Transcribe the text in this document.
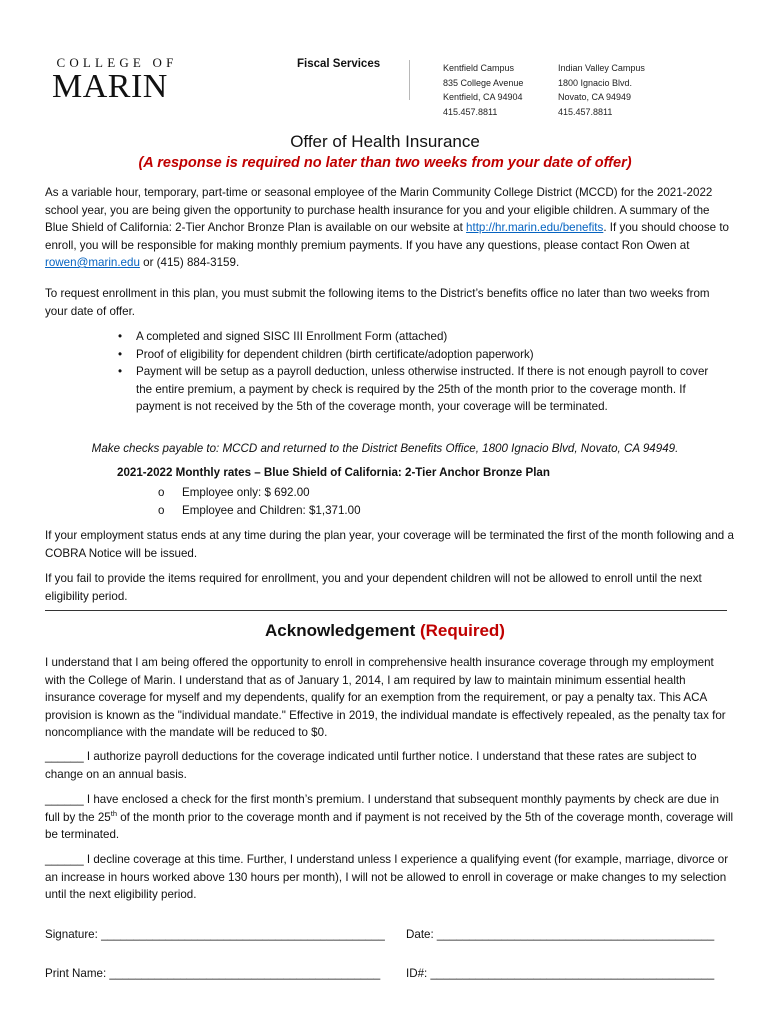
COLLEGE OF
MARIN
Fiscal Services	Kentfield Campus
835 College Avenue
Kentfield, CA 94904
415.457.8811
Indian Valley Campus
1800 Ignacio Blvd.
Novato, CA 94949
415.457.8811
Offer of Health Insurance
(A response is required no later than two weeks from your date of offer)

As a variable hour, temporary, part-time or seasonal employee of the Marin Community College District (MCCD) for the 2021-2022 school year, you are being given the opportunity to purchase health insurance for you and your eligible children. A summary of the Blue Shield of California: 2-Tier Anchor Bronze Plan is available on our website at http://hr.marin.edu/benefits. If you should choose to enroll, you will be responsible for making monthly premium payments. If you have any questions, please contact Ron Owen at rowen@marin.edu or (415) 884-3159.

To request enrollment in this plan, you must submit the following items to the District’s benefits office no later than two weeks from your date of offer.

• A completed and signed SISC III Enrollment Form (attached)
• Proof of eligibility for dependent children (birth certificate/adoption paperwork)
• Payment will be setup as a payroll deduction, unless otherwise instructed. If there is not enough payroll to cover the entire premium, a payment by check is required by the 25th of the month prior to the coverage month. If payment is not received by the 5th of the coverage month, your coverage will be terminated.
Make checks payable to: MCCD and returned to the District Benefits Office, 1800 Ignacio Blvd, Novato, CA 94949.
2021-2022 Monthly rates – Blue Shield of California: 2-Tier Anchor Bronze Plan
o Employee only: $ 692.00
o Employee and Children: $1,371.00

If your employment status ends at any time during the plan year, your coverage will be terminated the first of the month following and a COBRA Notice will be issued.

If you fail to provide the items required for enrollment, you and your dependent children will not be allowed to enroll until the next eligibility period.

Acknowledgement (Required)

I understand that I am being offered the opportunity to enroll in comprehensive health insurance coverage through my employment with the College of Marin. I understand that as of January 1, 2014, I am required by law to maintain minimum essential health insurance coverage for myself and my dependents, qualify for an exemption from the requirement, or pay a penalty tax. This ACA provision is known as the "individual mandate." Effective in 2019, the individual mandate is effectively repealed, as the penalty tax for noncompliance with the mandate will be reduced to $0.

______ I authorize payroll deductions for the coverage indicated until further notice. I understand that these rates are subject to change on an annual basis.

______ I have enclosed a check for the first month’s premium. I understand that subsequent monthly payments by check are due in full by the 25th of the month prior to the coverage month and if payment is not received by the 5th of the coverage month, coverage will be terminated.

______ I decline coverage at this time. Further, I understand unless I experience a qualifying event (for example, marriage, divorce or an increase in hours worked above 130 hours per month), I will not be allowed to enroll in coverage or make changes to my selection until the next eligibility period.

Signature: ____________________________________________ Date: ___________________________________________
Print Name: __________________________________________ ID#: ____________________________________________
